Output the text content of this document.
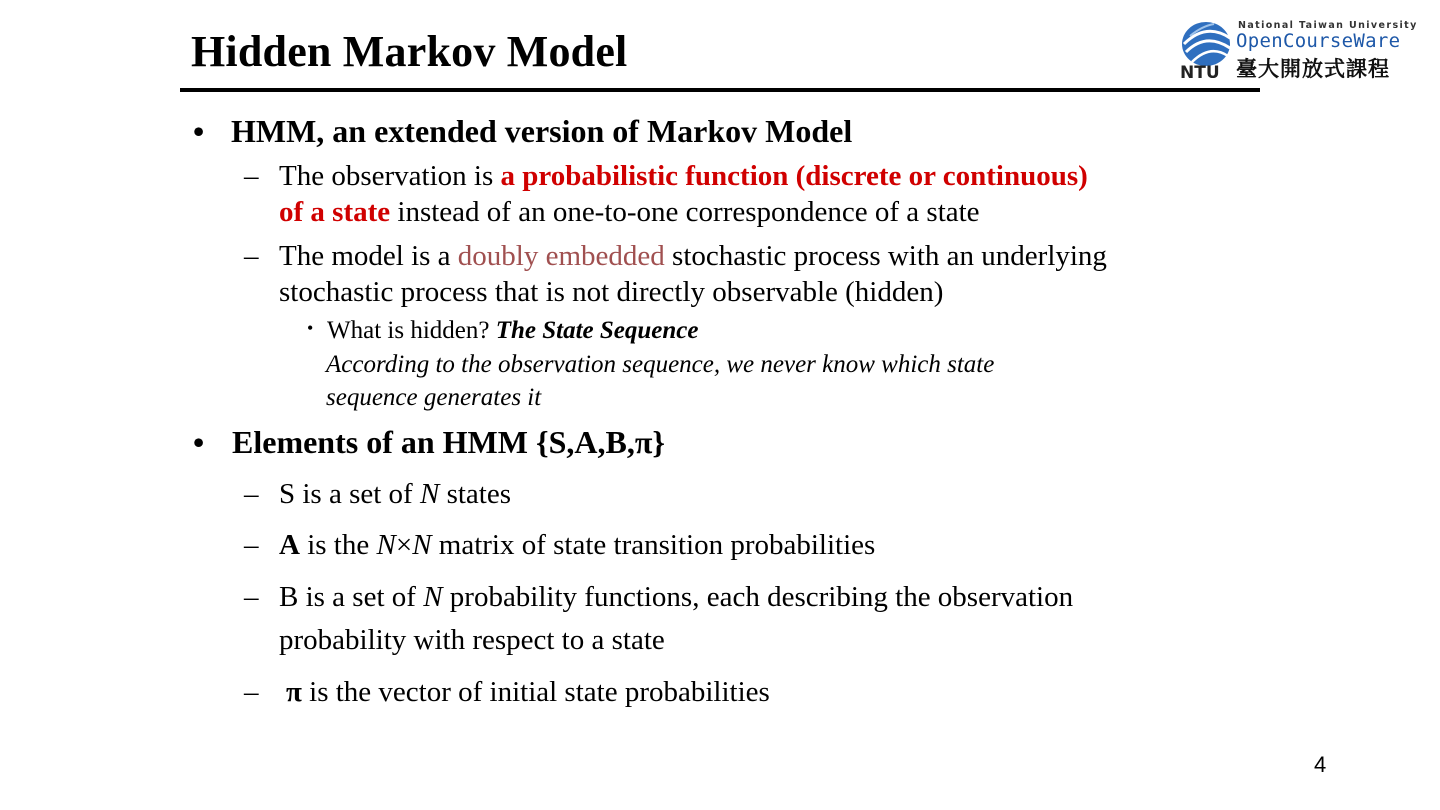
Hidden Markov Model	NTU
National Taiwan University
OpenCourseWare
臺大開放式課程
• HMM, an extended version of Markov Model
– The observation is a probabilistic function (discrete or continuous)
of a state instead of an one-to-one correspondence of a state
– The model is a doubly embedded stochastic process with an underlying
stochastic process that is not directly observable (hidden)
• What is hidden? The State Sequence
According to the observation sequence, we never know which state
sequence generates it
• Elements of an HMM {S,A,B,π}
– S is a set of N states
– A is the N×N matrix of state transition probabilities
– B is a set of N probability functions, each describing the observation
probability with respect to a state
– π is the vector of initial state probabilities
4
